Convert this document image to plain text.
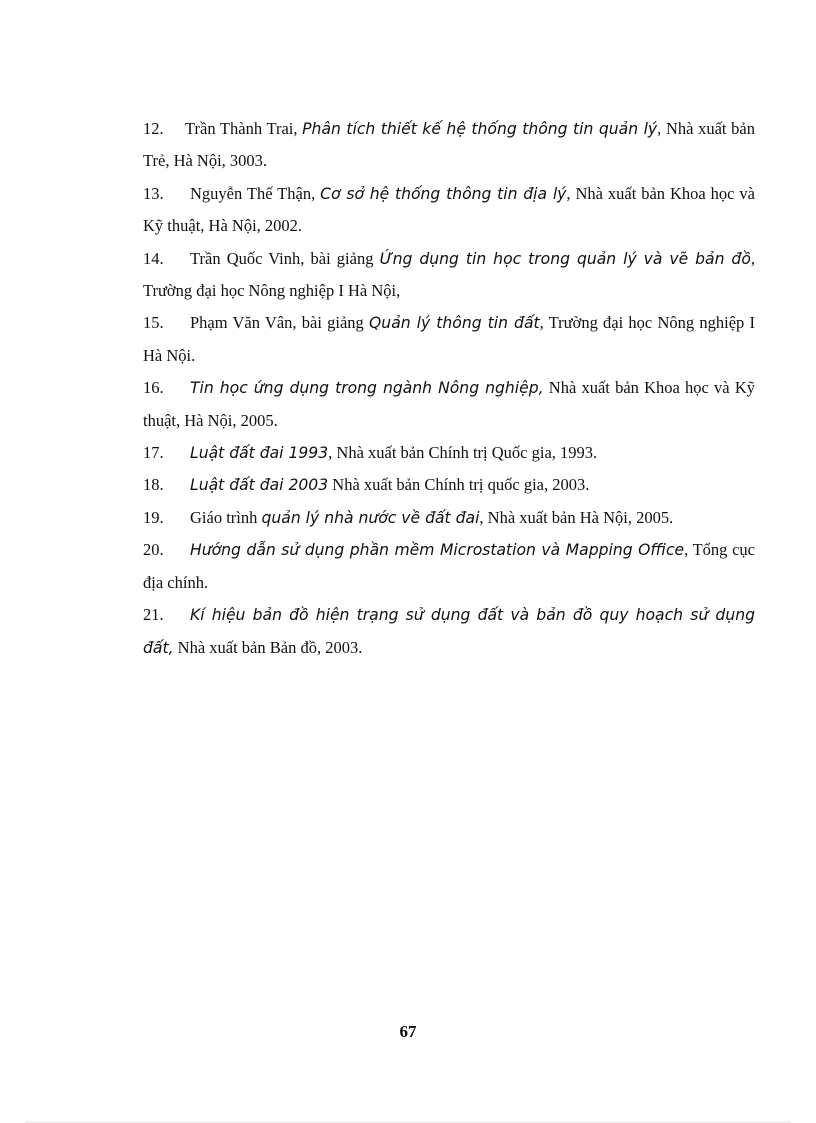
12. Trần Thành Trai, Phân tích thiết kế hệ thống thông tin quản lý, Nhà xuất bản Trẻ, Hà Nội, 3003.

13. Nguyễn Thế Thận, Cơ sở hệ thống thông tin địa lý, Nhà xuất bản Khoa học và Kỹ thuật, Hà Nội, 2002.

14. Trần Quốc Vinh, bài giảng Ứng dụng tin học trong quản lý và vẽ bản đồ, Trường đại học Nông nghiệp I Hà Nội,

15. Phạm Văn Vân, bài giảng Quản lý thông tin đất, Trường đại học Nông nghiệp I Hà Nội.

16. Tin học ứng dụng trong ngành Nông nghiệp, Nhà xuất bản Khoa học và Kỹ thuật, Hà Nội, 2005.

17. Luật đất đai 1993, Nhà xuất bản Chính trị Quốc gia, 1993.

18. Luật đất đai 2003 Nhà xuất bản Chính trị quốc gia, 2003.

19. Giáo trình quản lý nhà nước về đất đai, Nhà xuất bản Hà Nội, 2005.

20. Hướng dẫn sử dụng phần mềm Microstation và Mapping Office, Tổng cục địa chính.

21. Kí hiệu bản đồ hiện trạng sử dụng đất và bản đồ quy hoạch sử dụng đất, Nhà xuất bản Bản đồ, 2003.

67
